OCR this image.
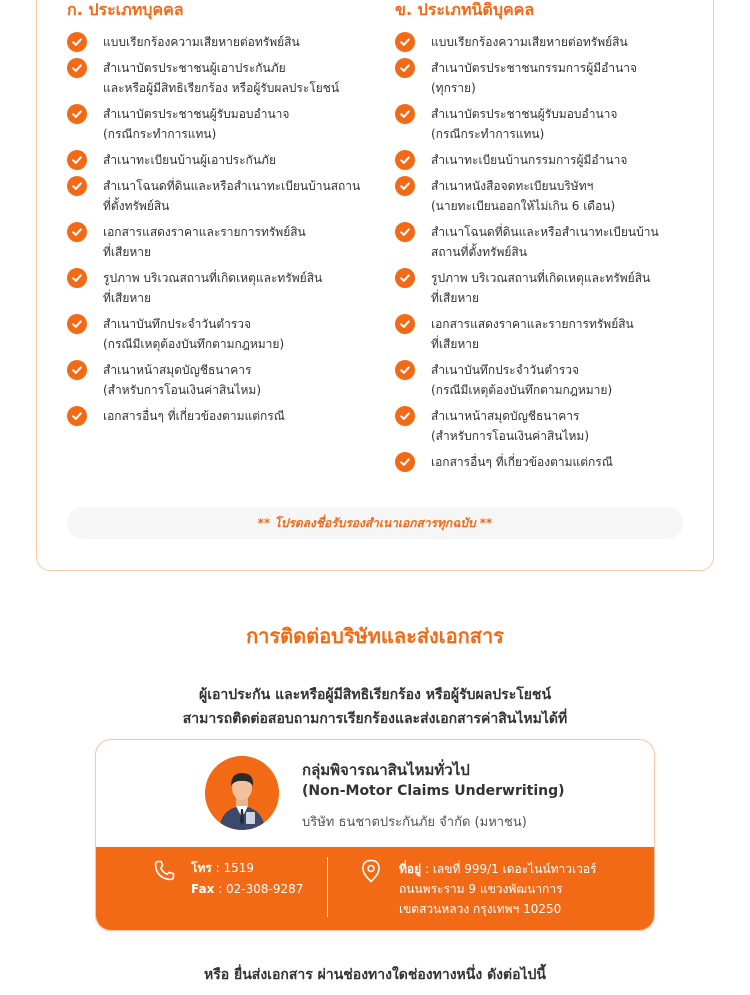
ก. ประเภทบุคคล
แบบเรียกร้องความเสียหายต่อทรัพย์สิน
สำเนาบัตรประชาชนผู้เอาประกันภัย
และหรือผู้มีสิทธิเรียกร้อง หรือผู้รับผลประโยชน์
สำเนาบัตรประชาชนผู้รับมอบอำนาจ
(กรณีกระทำการแทน)
สำเนาทะเบียนบ้านผู้เอาประกันภัย
สำเนาโฉนดที่ดินและหรือสำเนาทะเบียนบ้านสถาน
ที่ตั้งทรัพย์สิน
เอกสารแสดงราคาและรายการทรัพย์สิน
ที่เสียหาย
รูปภาพ บริเวณสถานที่เกิดเหตุและทรัพย์สิน
ที่เสียหาย
สำเนาบันทึกประจำวันตำรวจ
(กรณีมีเหตุต้องบันทึกตามกฎหมาย)
สำเนาหน้าสมุดบัญชีธนาคาร
(สำหรับการโอนเงินค่าสินไหม)
เอกสารอื่นๆ ที่เกี่ยวข้องตามแต่กรณี
ข. ประเภทนิติบุคคล
แบบเรียกร้องความเสียหายต่อทรัพย์สิน
สำเนาบัตรประชาชนกรรมการผู้มีอำนาจ
(ทุกราย)
สำเนาบัตรประชาชนผู้รับมอบอำนาจ
(กรณีกระทำการแทน)
สำเนาทะเบียนบ้านกรรมการผู้มีอำนาจ
สำเนาหนังสือจดทะเบียนบริษัทฯ
(นายทะเบียนออกให้ไม่เกิน 6 เดือน)
สำเนาโฉนดที่ดินและหรือสำเนาทะเบียนบ้าน
สถานที่ตั้งทรัพย์สิน
รูปภาพ บริเวณสถานที่เกิดเหตุและทรัพย์สิน
ที่เสียหาย
เอกสารแสดงราคาและรายการทรัพย์สิน
ที่เสียหาย
สำเนาบันทึกประจำวันตำรวจ
(กรณีมีเหตุต้องบันทึกตามกฎหมาย)
สำเนาหน้าสมุดบัญชีธนาคาร
(สำหรับการโอนเงินค่าสินไหม)
เอกสารอื่นๆ ที่เกี่ยวข้องตามแต่กรณี
** โปรดลงชื่อรับรองสำเนาเอกสารทุกฉบับ **
การติดต่อบริษัทและส่งเอกสาร
ผู้เอาประกัน และหรือผู้มีสิทธิเรียกร้อง หรือผู้รับผลประโยชน์
สามารถติดต่อสอบถามการเรียกร้องและส่งเอกสารค่าสินไหมได้ที่
กลุ่มพิจารณาสินไหมทั่วไป
(Non-Motor Claims Underwriting)
บริษัท ธนชาตประกันภัย จำกัด (มหาชน)
โทร : 1519
Fax : 02-308-9287
ที่อยู่ : เลขที่ 999/1 เดอะไนน์ทาวเวอร์
ถนนพระราม 9 แขวงพัฒนาการ
เขตสวนหลวง กรุงเทพฯ 10250
หรือ ยื่นส่งเอกสาร ผ่านช่องทางใดช่องทางหนึ่ง ดังต่อไปนี้
